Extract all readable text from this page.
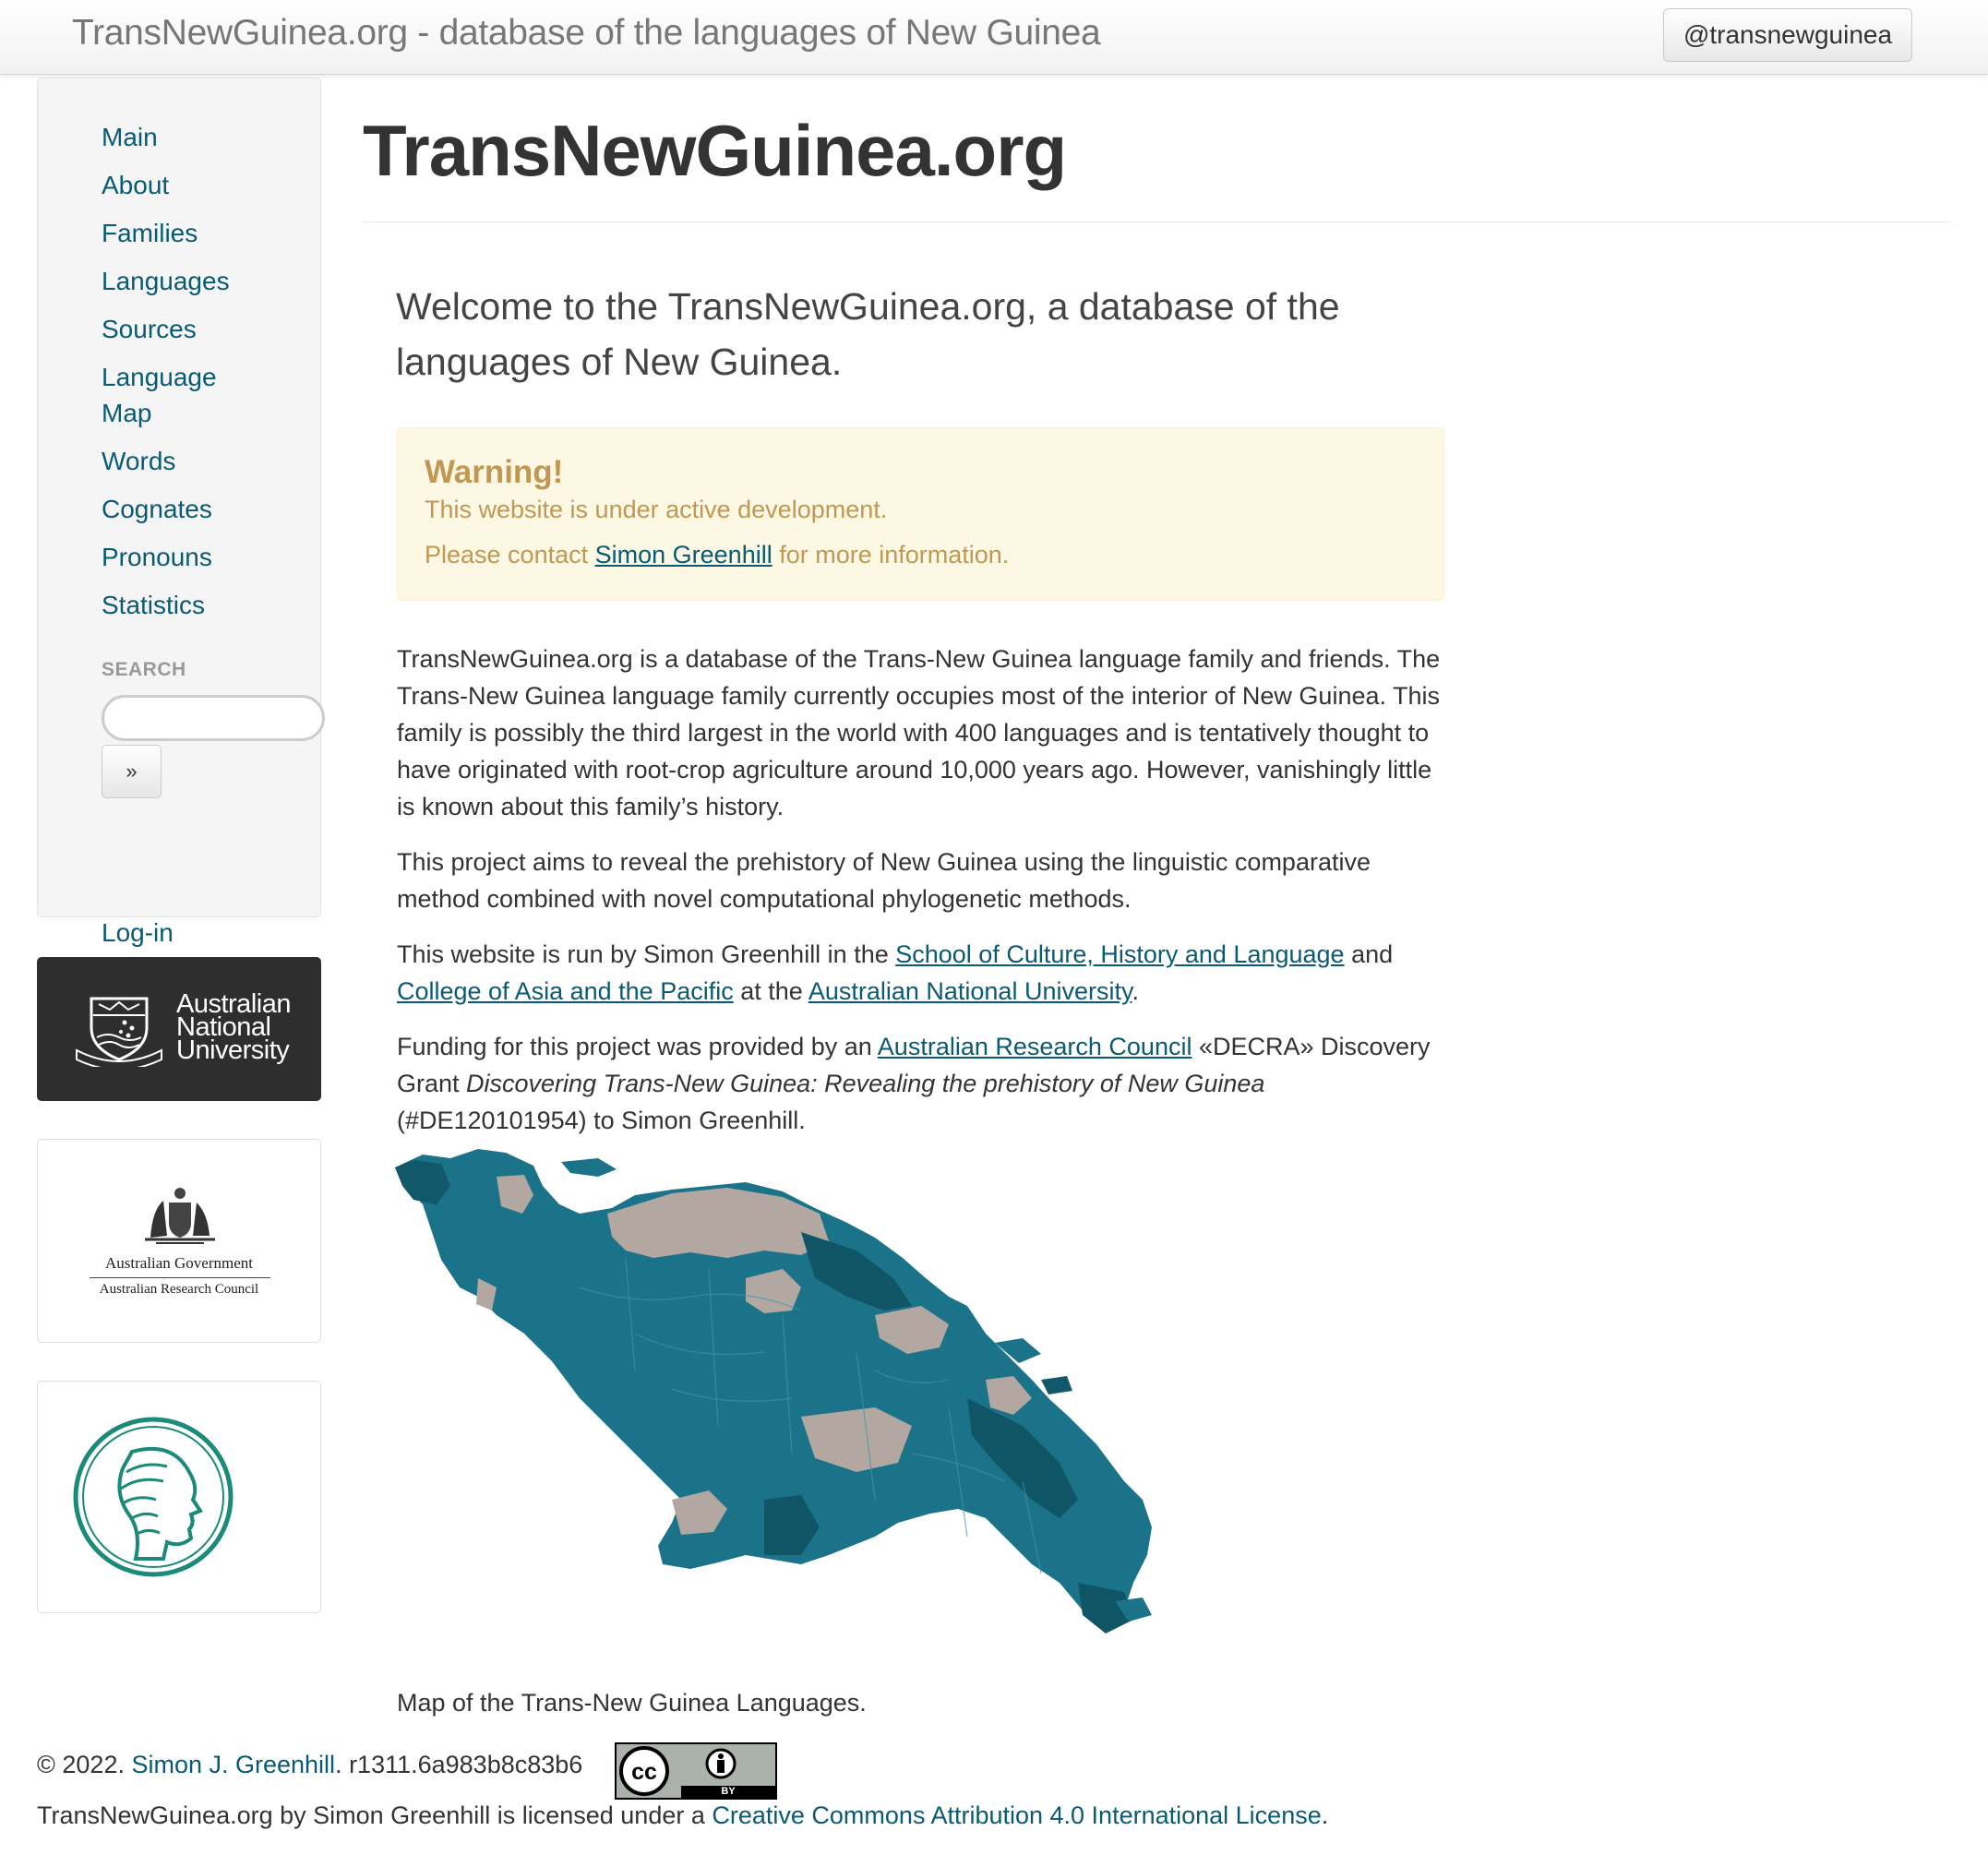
TransNewGuinea.org - database of the languages of New Guinea	@transnewguinea
Main
About
Families
Languages
Sources
Language Map
Words
Cognates
Pronouns
Statistics
SEARCH
»
Log-in
Australian
National
University
Australian Government
Australian Research Council
TransNewGuinea.org
Welcome to the TransNewGuinea.org, a database of the languages of New Guinea.
Warning!
This website is under active development.
Please contact Simon Greenhill for more information.

TransNewGuinea.org is a database of the Trans-New Guinea language family and friends. The Trans-New Guinea language family currently occupies most of the interior of New Guinea. This family is possibly the third largest in the world with 400 languages and is tentatively thought to have originated with root-crop agriculture around 10,000 years ago. However, vanishingly little is known about this family’s history.

This project aims to reveal the prehistory of New Guinea using the linguistic comparative method combined with novel computational phylogenetic methods.

This website is run by Simon Greenhill in the School of Culture, History and Language and College of Asia and the Pacific at the Australian National University.

Funding for this project was provided by an Australian Research Council «DECRA» Discovery Grant Discovering Trans-New Guinea: Revealing the prehistory of New Guinea (#DE120101954) to Simon Greenhill.

Map of the Trans-New Guinea Languages.
© 2022. Simon J. Greenhill. r1311.6a983b8c83b6 cc
BY
TransNewGuinea.org by Simon Greenhill is licensed under a Creative Commons Attribution 4.0 International License.
